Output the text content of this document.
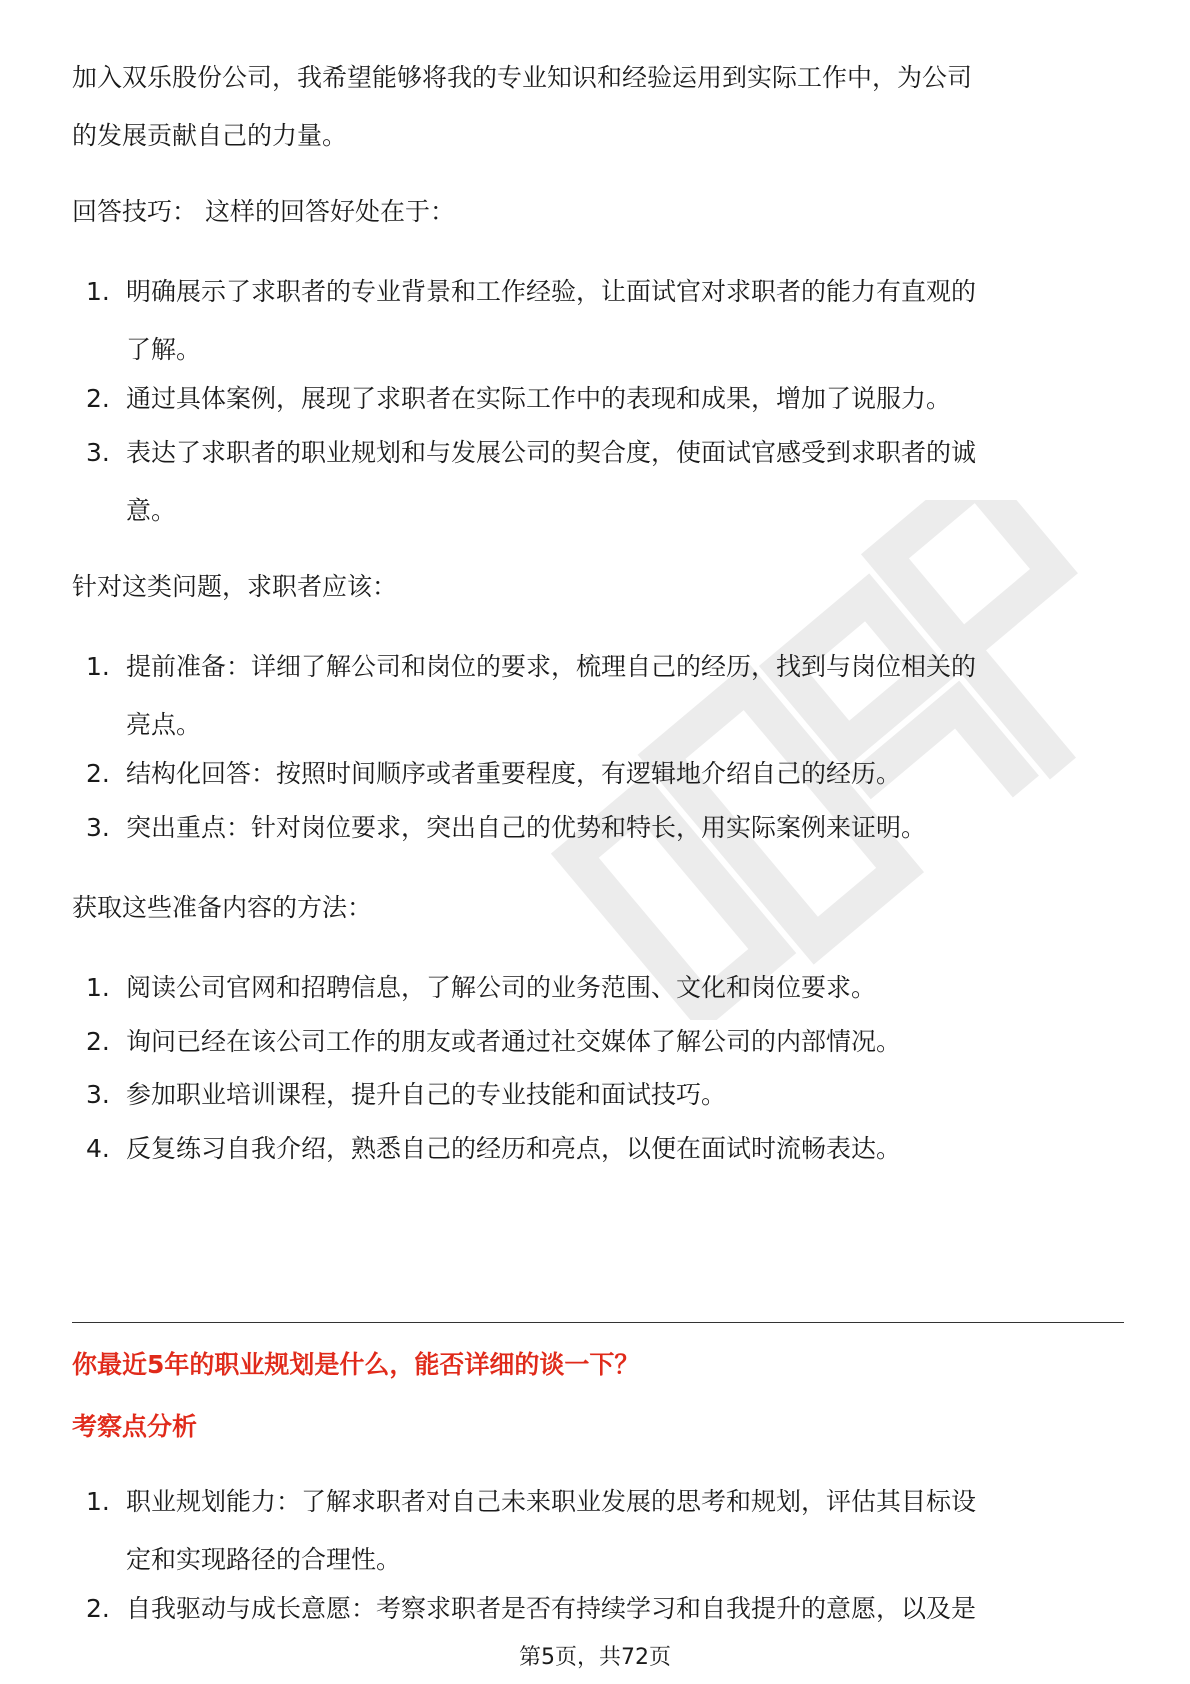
加入双乐股份公司，我希望能够将我的专业知识和经验运用到实际工作中，为公司
的发展贡献自己的力量。
回答技巧： 这样的回答好处在于：
1. 明确展示了求职者的专业背景和工作经验，让面试官对求职者的能力有直观的
了解。
2. 通过具体案例，展现了求职者在实际工作中的表现和成果，增加了说服力。
3. 表达了求职者的职业规划和与发展公司的契合度，使面试官感受到求职者的诚
意。
针对这类问题，求职者应该：
1. 提前准备：详细了解公司和岗位的要求，梳理自己的经历，找到与岗位相关的
亮点。
2. 结构化回答：按照时间顺序或者重要程度，有逻辑地介绍自己的经历。
3. 突出重点：针对岗位要求，突出自己的优势和特长，用实际案例来证明。
获取这些准备内容的方法：
1. 阅读公司官网和招聘信息，了解公司的业务范围、文化和岗位要求。
2. 询问已经在该公司工作的朋友或者通过社交媒体了解公司的内部情况。
3. 参加职业培训课程，提升自己的专业技能和面试技巧。
4. 反复练习自我介绍，熟悉自己的经历和亮点，以便在面试时流畅表达。
你最近5年的职业规划是什么，能否详细的谈一下？
考察点分析
1. 职业规划能力：了解求职者对自己未来职业发展的思考和规划，评估其目标设
定和实现路径的合理性。
2. 自我驱动与成长意愿：考察求职者是否有持续学习和自我提升的意愿，以及是
第5页，共72页
